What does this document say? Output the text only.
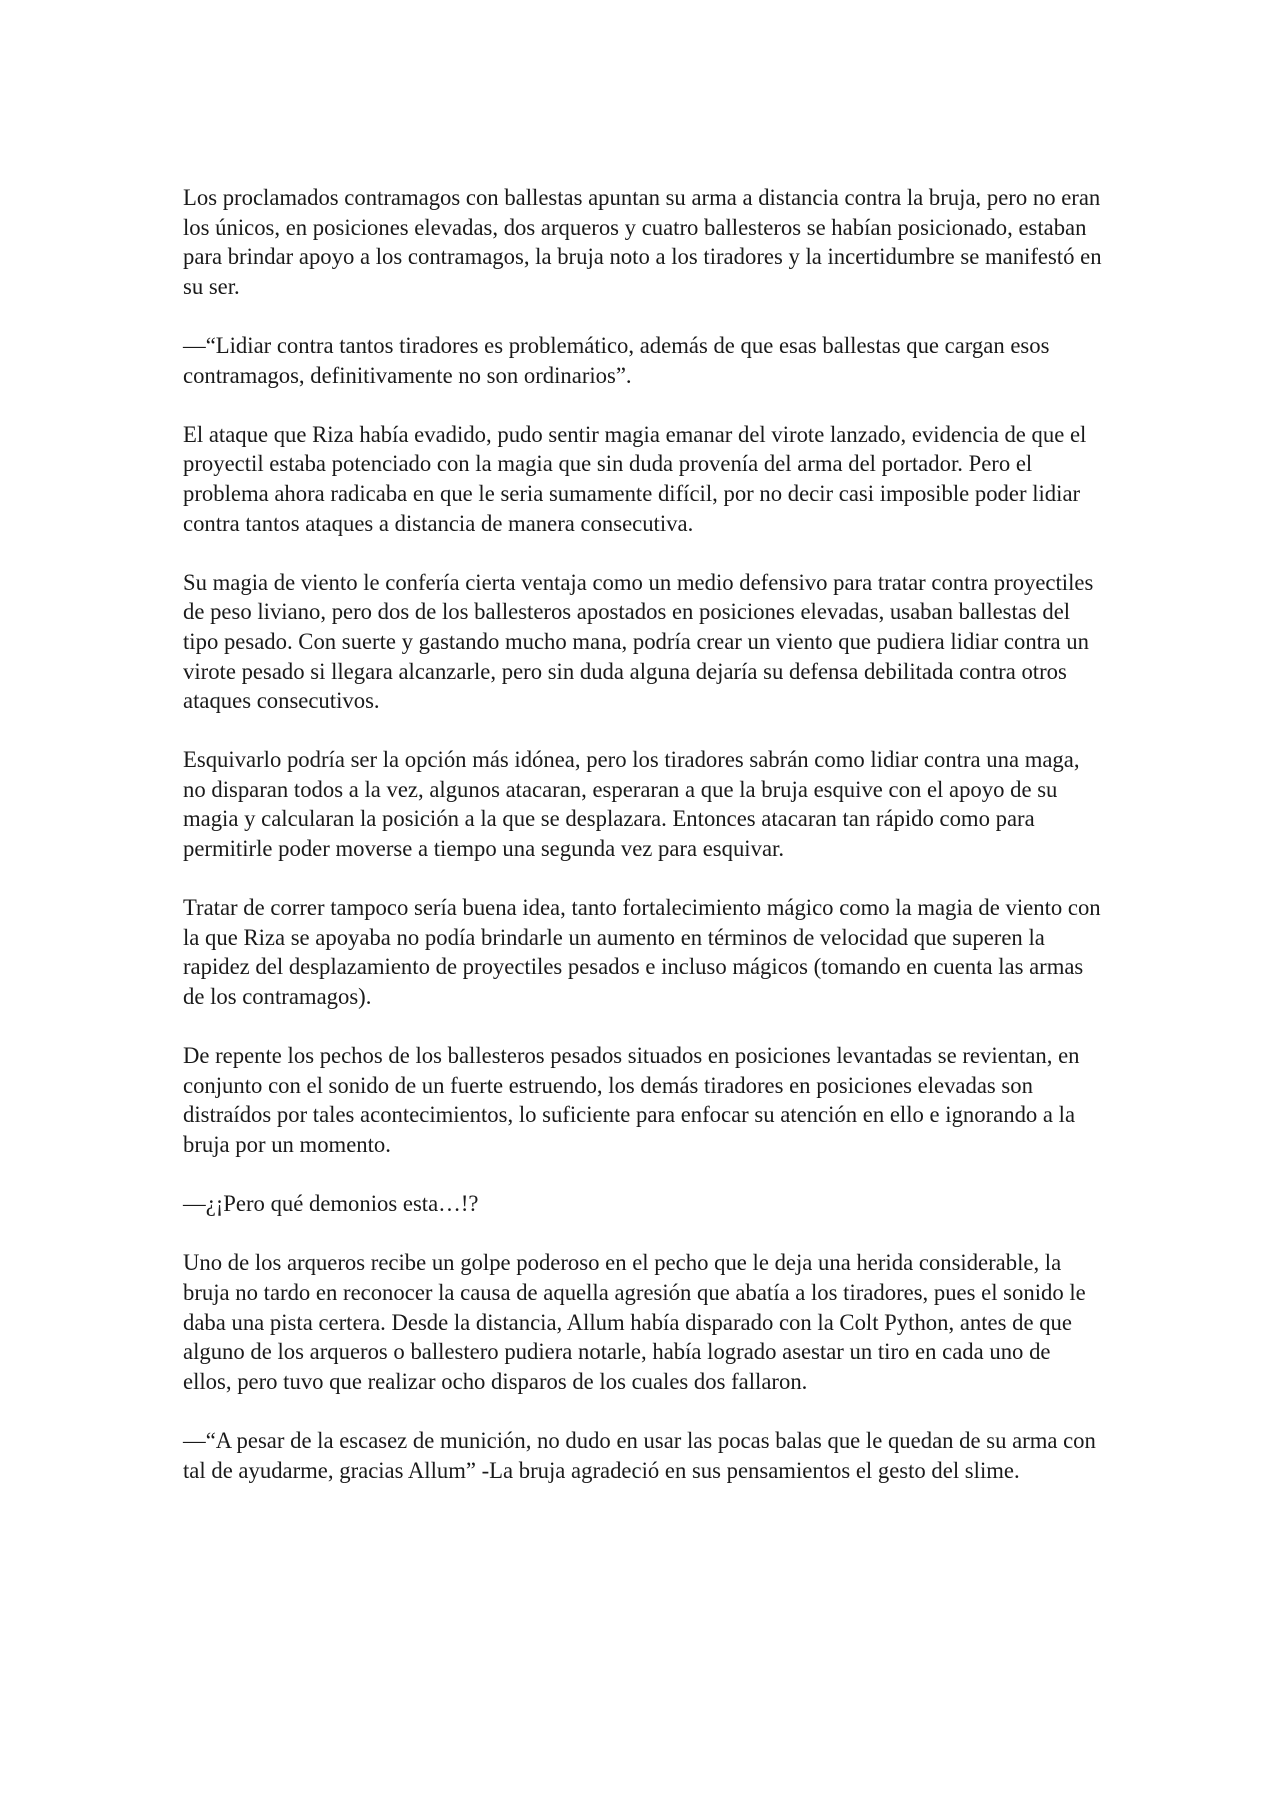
Los proclamados contramagos con ballestas apuntan su arma a distancia contra la bruja, pero no eran los únicos, en posiciones elevadas, dos arqueros y cuatro ballesteros se habían posicionado, estaban para brindar apoyo a los contramagos, la bruja noto a los tiradores y la incertidumbre se manifestó en su ser.

—“Lidiar contra tantos tiradores es problemático, además de que esas ballestas que cargan esos contramagos, definitivamente no son ordinarios”.

El ataque que Riza había evadido, pudo sentir magia emanar del virote lanzado, evidencia de que el proyectil estaba potenciado con la magia que sin duda provenía del arma del portador. Pero el problema ahora radicaba en que le seria sumamente difícil, por no decir casi imposible poder lidiar contra tantos ataques a distancia de manera consecutiva.

Su magia de viento le confería cierta ventaja como un medio defensivo para tratar contra proyectiles de peso liviano, pero dos de los ballesteros apostados en posiciones elevadas, usaban ballestas del tipo pesado. Con suerte y gastando mucho mana, podría crear un viento que pudiera lidiar contra un virote pesado si llegara alcanzarle, pero sin duda alguna dejaría su defensa debilitada contra otros ataques consecutivos.

Esquivarlo podría ser la opción más idónea, pero los tiradores sabrán como lidiar contra una maga, no disparan todos a la vez, algunos atacaran, esperaran a que la bruja esquive con el apoyo de su magia y calcularan la posición a la que se desplazara. Entonces atacaran tan rápido como para permitirle poder moverse a tiempo una segunda vez para esquivar.

Tratar de correr tampoco sería buena idea, tanto fortalecimiento mágico como la magia de viento con la que Riza se apoyaba no podía brindarle un aumento en términos de velocidad que superen la rapidez del desplazamiento de proyectiles pesados e incluso mágicos (tomando en cuenta las armas de los contramagos).

De repente los pechos de los ballesteros pesados situados en posiciones levantadas se revientan, en conjunto con el sonido de un fuerte estruendo, los demás tiradores en posiciones elevadas son distraídos por tales acontecimientos, lo suficiente para enfocar su atención en ello e ignorando a la bruja por un momento.

—¿¡Pero qué demonios esta…!?

Uno de los arqueros recibe un golpe poderoso en el pecho que le deja una herida considerable, la bruja no tardo en reconocer la causa de aquella agresión que abatía a los tiradores, pues el sonido le daba una pista certera. Desde la distancia, Allum había disparado con la Colt Python, antes de que alguno de los arqueros o ballestero pudiera notarle, había logrado asestar un tiro en cada uno de ellos, pero tuvo que realizar ocho disparos de los cuales dos fallaron.

—“A pesar de la escasez de munición, no dudo en usar las pocas balas que le quedan de su arma con tal de ayudarme, gracias Allum” -La bruja agradeció en sus pensamientos el gesto del slime.
